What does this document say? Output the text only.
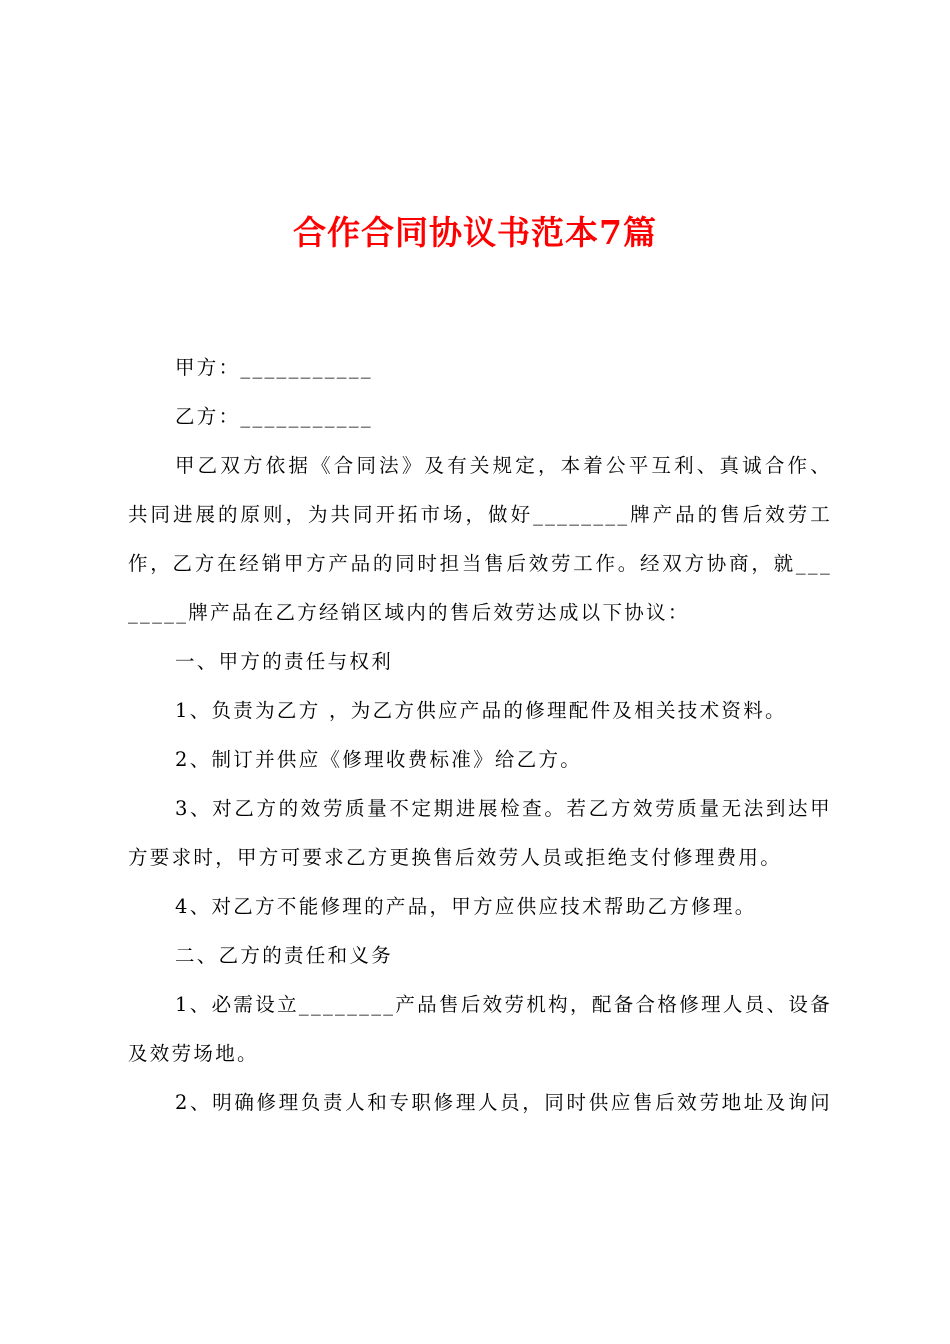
合作合同协议书范本7篇
甲方：___________
乙方：___________
甲乙双方依据《合同法》及有关规定，本着公平互利、真诚合作、
共同进展的原则，为共同开拓市场，做好________牌产品的售后效劳工
作，乙方在经销甲方产品的同时担当售后效劳工作。经双方协商，就___
_____牌产品在乙方经销区域内的售后效劳达成以下协议：
一、甲方的责任与权利
1、负责为乙方 ，为乙方供应产品的修理配件及相关技术资料。
2、制订并供应《修理收费标准》给乙方。
3、对乙方的效劳质量不定期进展检查。若乙方效劳质量无法到达甲
方要求时，甲方可要求乙方更换售后效劳人员或拒绝支付修理费用。
4、对乙方不能修理的产品，甲方应供应技术帮助乙方修理。
二、乙方的责任和义务
1、必需设立________产品售后效劳机构，配备合格修理人员、设备
及效劳场地。
2、明确修理负责人和专职修理人员，同时供应售后效劳地址及询问
